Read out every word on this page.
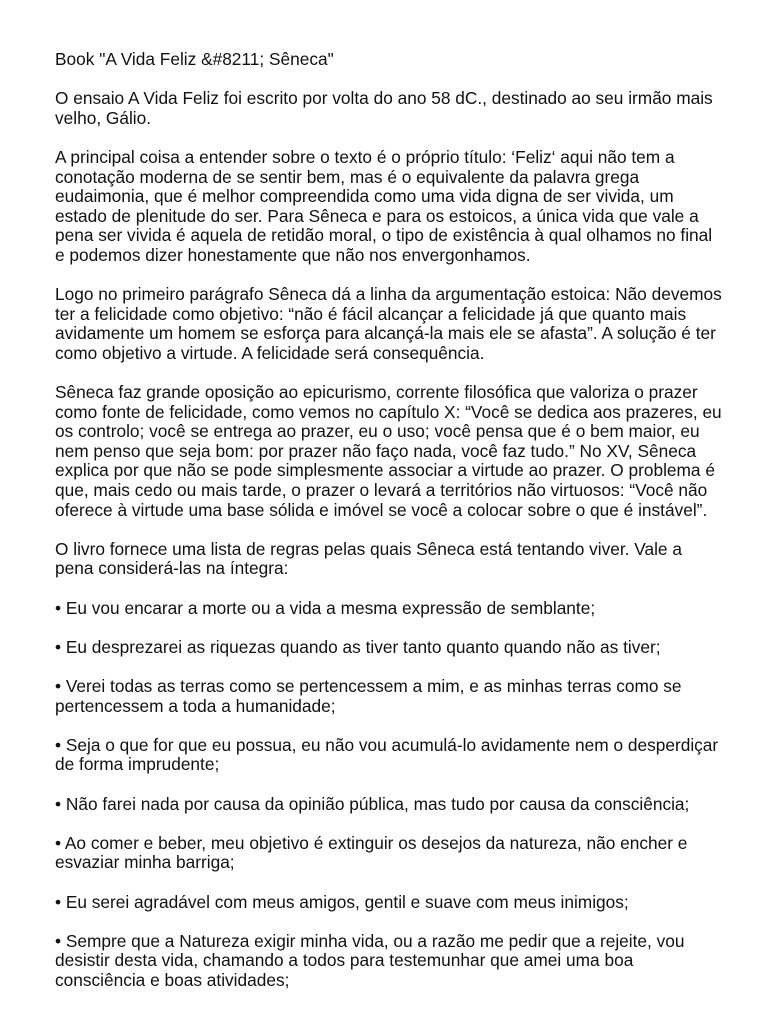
Book "A Vida Feliz &#8211; Sêneca"

O ensaio A Vida Feliz foi escrito por volta do ano 58 dC., destinado ao seu irmão mais velho, Gálio.

A principal coisa a entender sobre o texto é o próprio título: ‘Feliz‘ aqui não tem a conotação moderna de se sentir bem, mas é o equivalente da palavra grega eudaimonia, que é melhor compreendida como uma vida digna de ser vivida, um estado de plenitude do ser. Para Sêneca e para os estoicos, a única vida que vale a pena ser vivida é aquela de retidão moral, o tipo de existência à qual olhamos no final e podemos dizer honestamente que não nos envergonhamos.

Logo no primeiro parágrafo Sêneca dá a linha da argumentação estoica: Não devemos ter a felicidade como objetivo: “não é fácil alcançar a felicidade já que quanto mais avidamente um homem se esforça para alcançá-la mais ele se afasta”. A solução é ter como objetivo a virtude. A felicidade será consequência.

Sêneca faz grande oposição ao epicurismo, corrente filosófica que valoriza o prazer como fonte de felicidade, como vemos no capítulo X: “Você se dedica aos prazeres, eu os controlo; você se entrega ao prazer, eu o uso; você pensa que é o bem maior, eu nem penso que seja bom: por prazer não faço nada, você faz tudo.” No XV, Sêneca explica por que não se pode simplesmente associar a virtude ao prazer. O problema é que, mais cedo ou mais tarde, o prazer o levará a territórios não virtuosos: “Você não oferece à virtude uma base sólida e imóvel se você a colocar sobre o que é instável”.

O livro fornece uma lista de regras pelas quais Sêneca está tentando viver. Vale a pena considerá-las na íntegra:

• Eu vou encarar a morte ou a vida a mesma expressão de semblante;

• Eu desprezarei as riquezas quando as tiver tanto quanto quando não as tiver;

• Verei todas as terras como se pertencessem a mim, e as minhas terras como se pertencessem a toda a humanidade;

• Seja o que for que eu possua, eu não vou acumulá-lo avidamente nem o desperdiçar de forma imprudente;

• Não farei nada por causa da opinião pública, mas tudo por causa da consciência;

• Ao comer e beber, meu objetivo é extinguir os desejos da natureza, não encher e esvaziar minha barriga;

• Eu serei agradável com meus amigos, gentil e suave com meus inimigos;

• Sempre que a Natureza exigir minha vida, ou a razão me pedir que a rejeite, vou desistir desta vida, chamando a todos para testemunhar que amei uma boa consciência e boas atividades;
